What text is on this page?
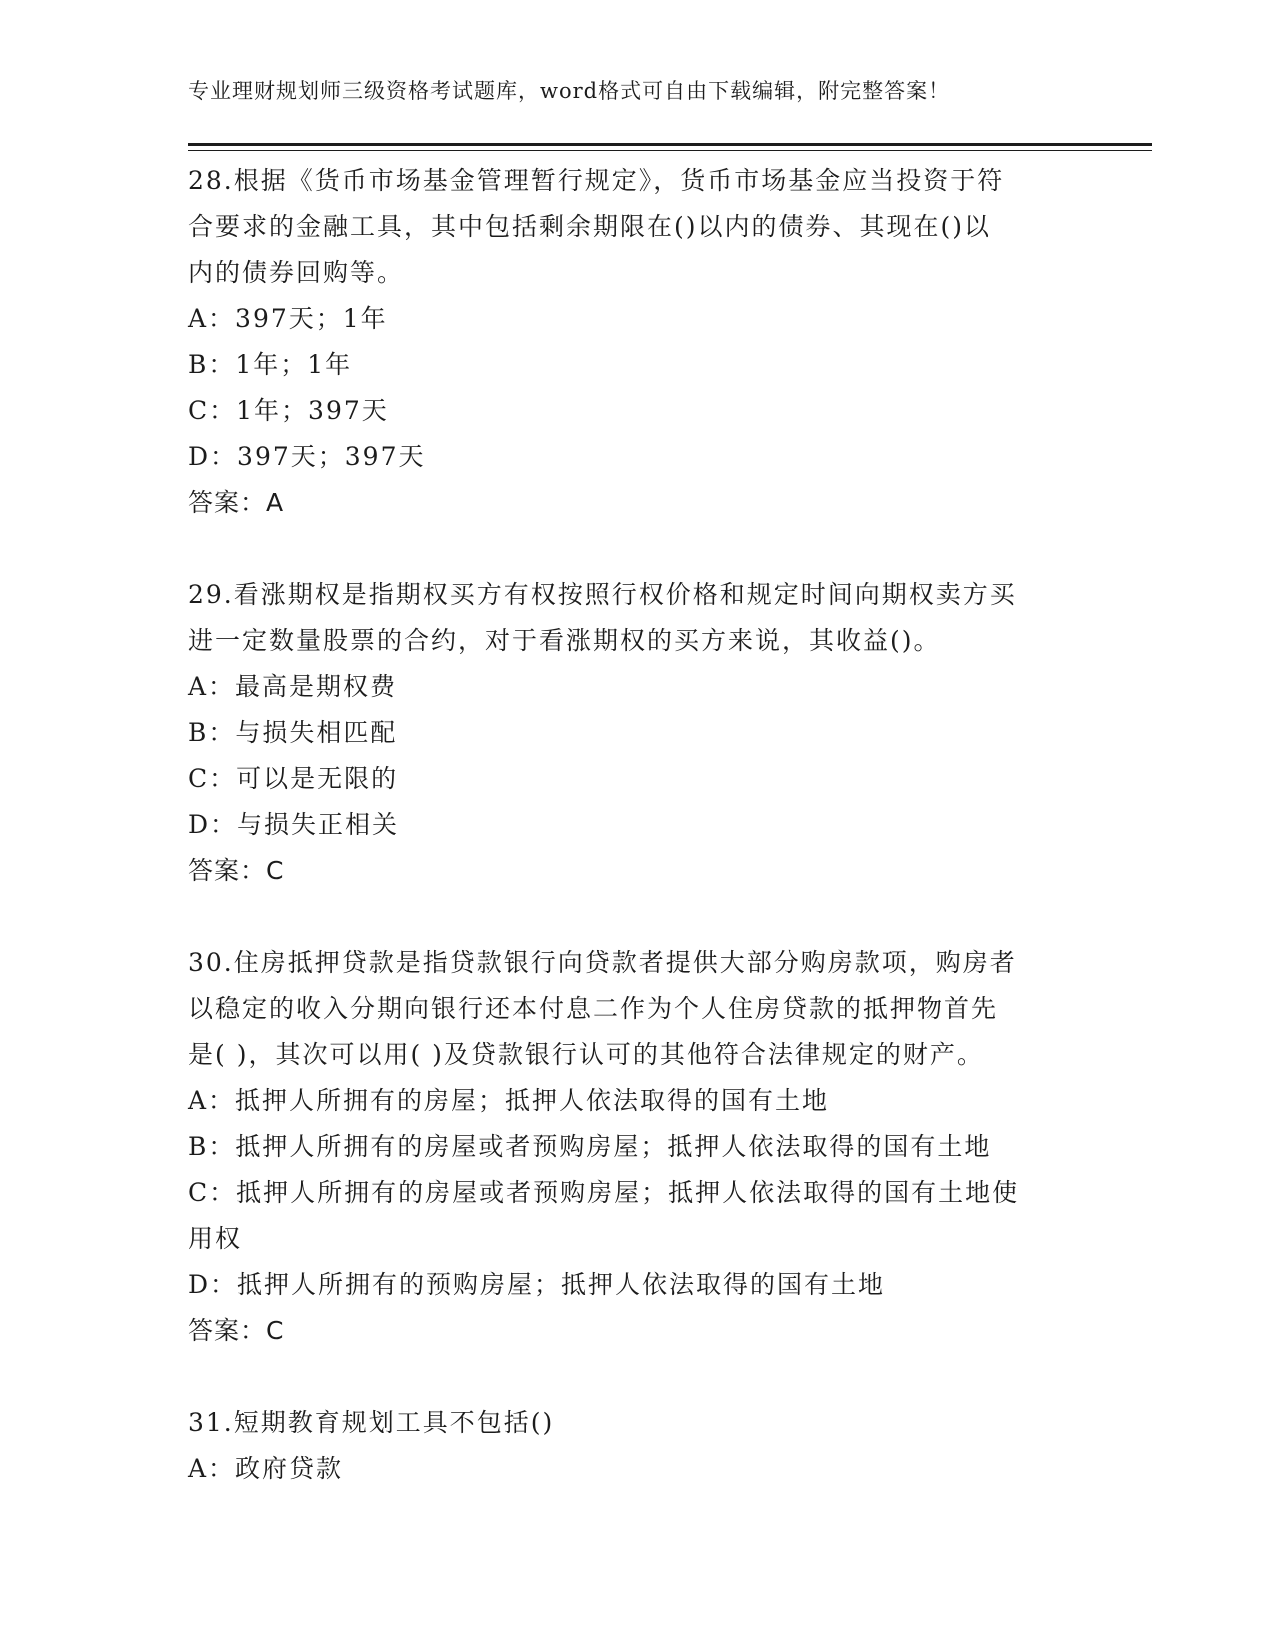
专业理财规划师三级资格考试题库，word格式可自由下载编辑，附完整答案！
28.根据《货币市场基金管理暂行规定》，货币市场基金应当投资于符
合要求的金融工具，其中包括剩余期限在()以内的债券、其现在()以
内的债券回购等。
A：397天；1年
B：1年；1年
C：1年；397天
D：397天；397天
答案：A
29.看涨期权是指期权买方有权按照行权价格和规定时间向期权卖方买
进一定数量股票的合约，对于看涨期权的买方来说，其收益()。
A：最高是期权费
B：与损失相匹配
C：可以是无限的
D：与损失正相关
答案：C
30.住房抵押贷款是指贷款银行向贷款者提供大部分购房款项，购房者
以稳定的收入分期向银行还本付息二作为个人住房贷款的抵押物首先
是( )，其次可以用( )及贷款银行认可的其他符合法律规定的财产。
A：抵押人所拥有的房屋；抵押人依法取得的国有土地
B：抵押人所拥有的房屋或者预购房屋；抵押人依法取得的国有土地
C：抵押人所拥有的房屋或者预购房屋；抵押人依法取得的国有土地使
用权
D：抵押人所拥有的预购房屋；抵押人依法取得的国有土地
答案：C
31.短期教育规划工具不包括()
A：政府贷款
